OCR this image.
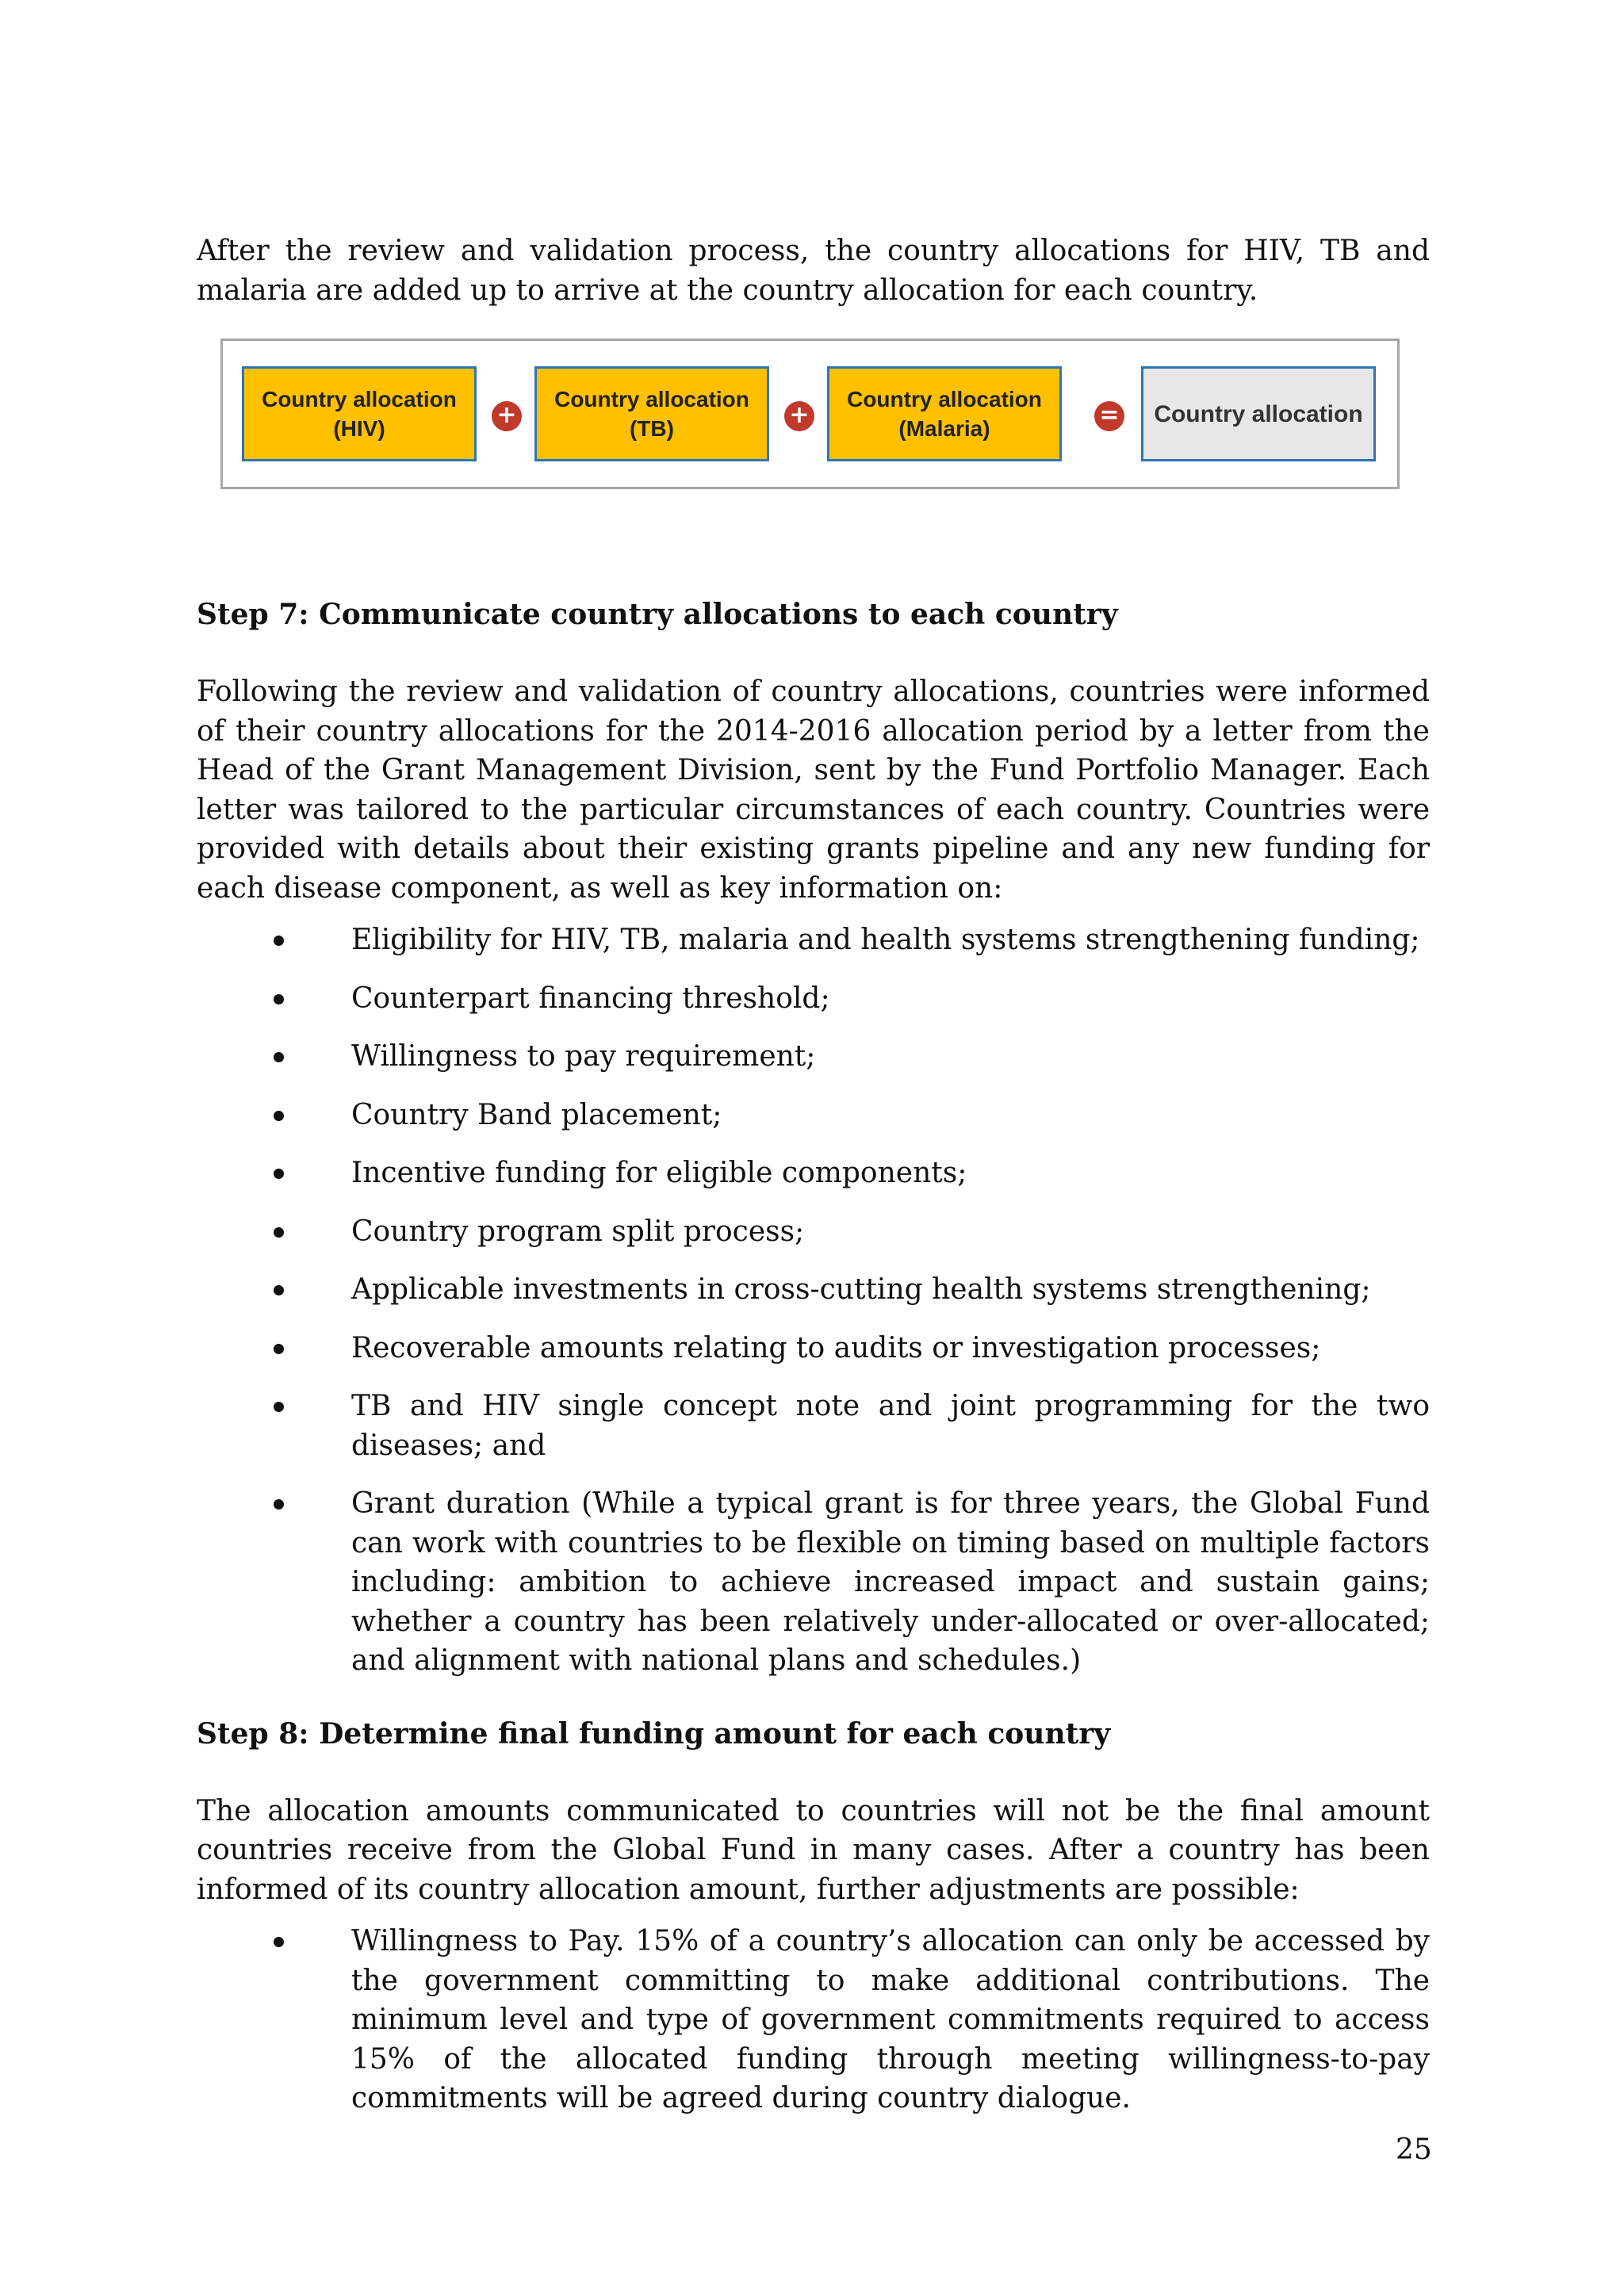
After the review and validation process, the country allocations for HIV, TB and malaria are added up to arrive at the country allocation for each country.

Country allocation
(HIV)	+
Country allocation
(TB)	+
Country allocation
(Malaria)	=	Country allocation
Step 7: Communicate country allocations to each country

Following the review and validation of country allocations, countries were informed of their country allocations for the 2014-2016 allocation period by a letter from the Head of the Grant Management Division, sent by the Fund Portfolio Manager. Each letter was tailored to the particular circumstances of each country. Countries were provided with details about their existing grants pipeline and any new funding for each disease component, as well as key information on:

Eligibility for HIV, TB, malaria and health systems strengthening funding;
Counterpart financing threshold;
Willingness to pay requirement;
Country Band placement;
Incentive funding for eligible components;
Country program split process;
Applicable investments in cross-cutting health systems strengthening;
Recoverable amounts relating to audits or investigation processes;
TB and HIV single concept note and joint programming for the two diseases; and
Grant duration (While a typical grant is for three years, the Global Fund can work with countries to be flexible on timing based on multiple factors including: ambition to achieve increased impact and sustain gains; whether a country has been relatively under-allocated or over-allocated; and alignment with national plans and schedules.)
Step 8: Determine final funding amount for each country

The allocation amounts communicated to countries will not be the final amount countries receive from the Global Fund in many cases. After a country has been informed of its country allocation amount, further adjustments are possible:

Willingness to Pay. 15% of a country’s allocation can only be accessed by the government committing to make additional contributions. The minimum level and type of government commitments required to access 15% of the allocated funding through meeting willingness-to-pay commitments will be agreed during country dialogue.
25
